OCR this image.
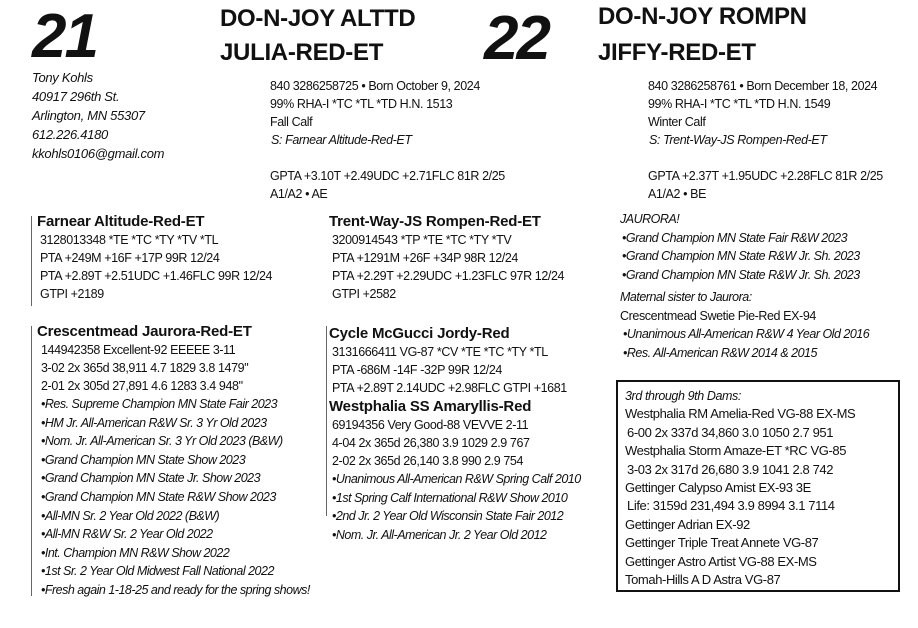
21	DO-N-JOY ALTTD
JULIA-RED-ET
Tony Kohls
40917 296th St.
Arlington, MN 55307
612.226.4180
kkohls0106@gmail.com
840 3286258725 • Born October 9, 2024
99% RHA-I *TC *TL *TD H.N. 1513
Fall Calf
S: Farnear Altitude-Red-ET
GPTA +3.10T +2.49UDC +2.71FLC 81R 2/25
A1/A2 • AE
22 DO-N-JOY ROMPN
JIFFY-RED-ET
840 3286258761 • Born December 18, 2024
99% RHA-I *TC *TL *TD H.N. 1549
Winter Calf
S: Trent-Way-JS Rompen-Red-ET
GPTA +2.37T +1.95UDC +2.28FLC 81R 2/25
A1/A2 • BE
Farnear Altitude-Red-ET
3128013348 *TE *TC *TY *TV *TL
PTA +249M +16F +17P 99R 12/24
PTA +2.89T +2.51UDC +1.46FLC 99R 12/24
GTPI +2189
Crescentmead Jaurora-Red-ET
144942358 Excellent-92 EEEEE 3-11
3-02 2x 365d 38,911 4.7 1829 3.8 1479"
2-01 2x 305d 27,891 4.6 1283 3.4 948"
•Res. Supreme Champion MN State Fair 2023
•HM Jr. All-American R&W Sr. 3 Yr Old 2023
•Nom. Jr. All-American Sr. 3 Yr Old 2023 (B&W)
•Grand Champion MN State Show 2023
•Grand Champion MN State Jr. Show 2023
•Grand Champion MN State R&W Show 2023
•All-MN Sr. 2 Year Old 2022 (B&W)
•All-MN R&W Sr. 2 Year Old 2022
•Int. Champion MN R&W Show 2022
•1st Sr. 2 Year Old Midwest Fall National 2022
•Fresh again 1-18-25 and ready for the spring shows!
Trent-Way-JS Rompen-Red-ET
3200914543 *TP *TE *TC *TY *TV
PTA +1291M +26F +34P 98R 12/24
PTA +2.29T +2.29UDC +1.23FLC 97R 12/24
GTPI +2582
Cycle McGucci Jordy-Red
3131666411 VG-87 *CV *TE *TC *TY *TL
PTA -686M -14F -32P 99R 12/24
PTA +2.89T 2.14UDC +2.98FLC GTPI +1681
Westphalia SS Amaryllis-Red
69194356 Very Good-88 VEVVE 2-11
4-04 2x 365d 26,380 3.9 1029 2.9 767
2-02 2x 365d 26,140 3.8 990 2.9 754
•Unanimous All-American R&W Spring Calf 2010
•1st Spring Calf International R&W Show 2010
•2nd Jr. 2 Year Old Wisconsin State Fair 2012
•Nom. Jr. All-American Jr. 2 Year Old 2012
JAURORA!
•Grand Champion MN State Fair R&W 2023
•Grand Champion MN State R&W Jr. Sh. 2023
•Grand Champion MN State R&W Jr. Sh. 2023
Maternal sister to Jaurora:
Crescentmead Swetie Pie-Red EX-94
•Unanimous All-American R&W 4 Year Old 2016
•Res. All-American R&W 2014 & 2015
3rd through 9th Dams:
Westphalia RM Amelia-Red VG-88 EX-MS
6-00 2x 337d 34,860 3.0 1050 2.7 951
Westphalia Storm Amaze-ET *RC VG-85
3-03 2x 317d 26,680 3.9 1041 2.8 742
Gettinger Calypso Amist EX-93 3E
Life: 3159d 231,494 3.9 8994 3.1 7114
Gettinger Adrian EX-92
Gettinger Triple Treat Annete VG-87
Gettinger Astro Artist VG-88 EX-MS
Tomah-Hills A D Astra VG-87
